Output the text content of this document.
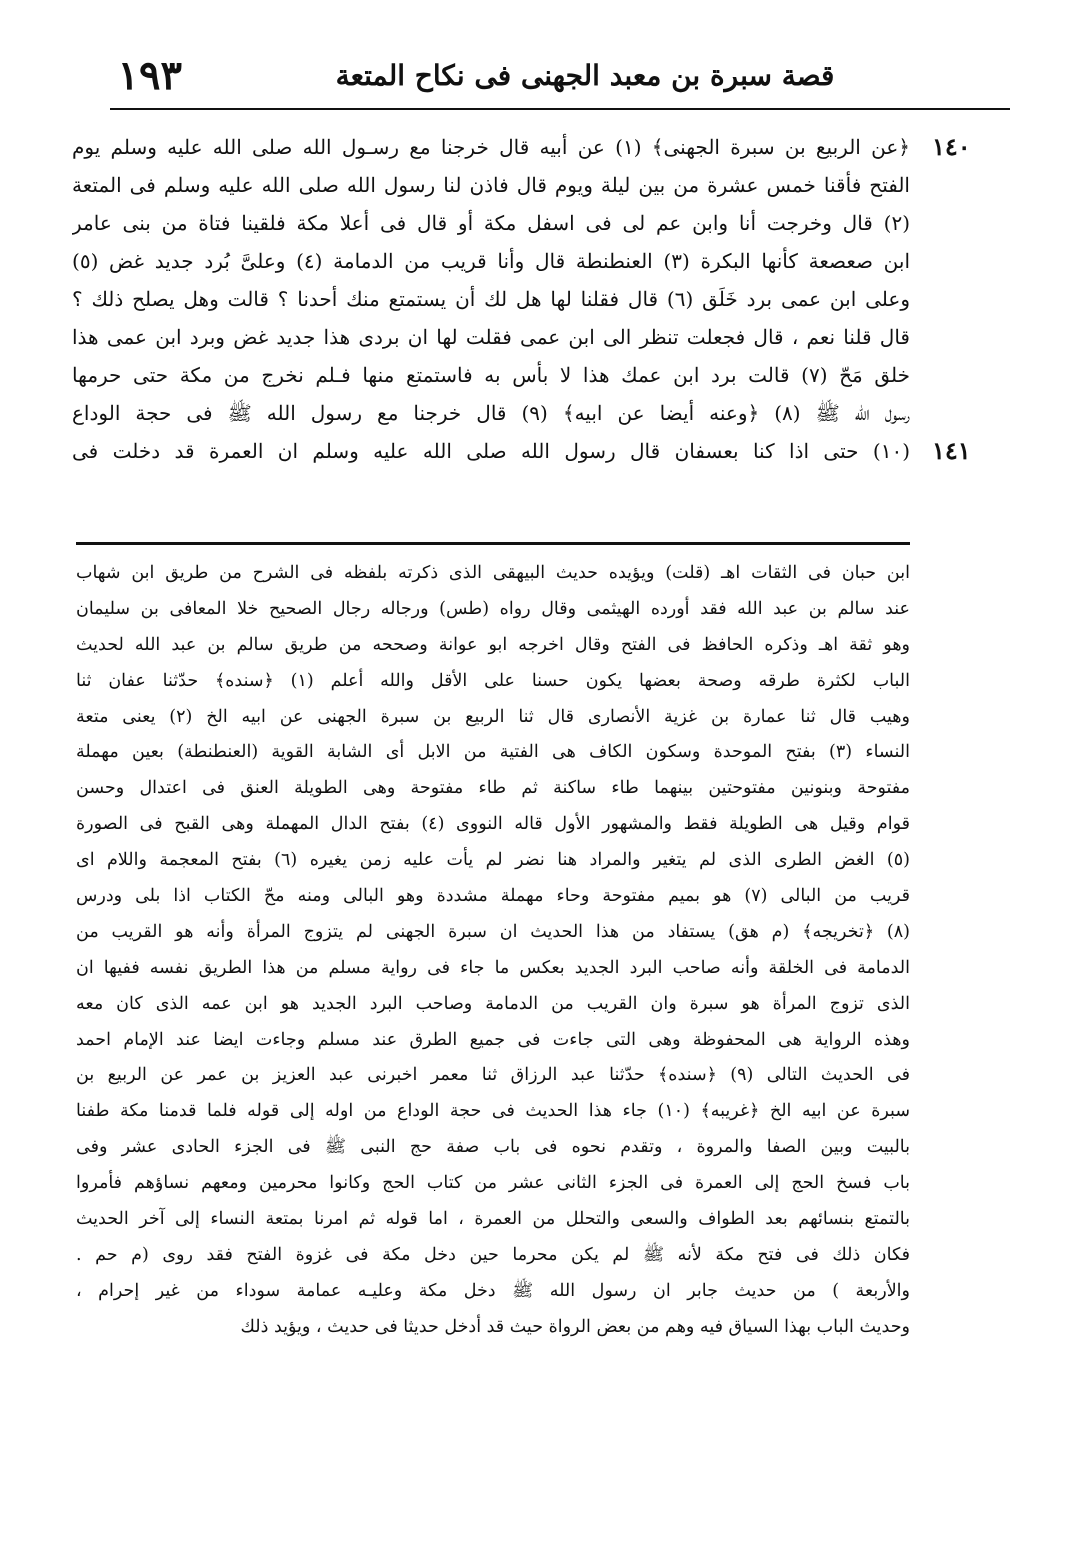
١٩٣	قصة سبرة بن معبد الجهنى فى نكاح المتعة
١٤٠
١٤١
﴿عن الربيع بن سبرة الجهنى﴾ (١) عن أبيه قال خرجنا مع رسـول الله صلى الله عليه وسلم يوم
الفتح فأقنا خمس عشرة من بين ليلة ويوم قال فاذن لنا رسول الله صلى الله عليه وسلم فى المتعة
(٢) قال وخرجت أنا وابن عم لى فى اسفل مكة أو قال فى أعلا مكة فلقينا فتاة من بنى عامر
ابن صعصعة كأنها البكرة (٣) العنطنطة قال وأنا قريب من الدمامة (٤) وعلىَّ بُرد جديد غض (٥)
وعلى ابن عمى برد خَلَق (٦) قال فقلنا لها هل لك أن يستمتع منك أحدنا ؟ قالت وهل يصلح ذلك ؟
قال قلنا نعم ، قال فجعلت تنظر الى ابن عمى فقلت لها ان بردى هذا جديد غض وبرد ابن عمى هذا
خلق مَحّ (٧) قالت برد ابن عمك هذا لا بأس به فاستمتع منها فـلم نخرج من مكة حتى حرمها
رسول الله ﷺ (٨) ﴿وعنه أيضا عن ابيه﴾ (٩) قال خرجنا مع رسول الله ﷺ فى حجة الوداع
(١٠) حتى اذا كنا بعسفان قال رسول الله صلى الله عليه وسلم ان العمرة قد دخلت فى
ابن حبان فى الثقات اهـ (قلت) ويؤيده حديث البيهقى الذى ذكرته بلفظه فى الشرح من طريق ابن شهاب
عند سالم بن عبد الله فقد أورده الهيثمى وقال رواه (طس) ورجاله رجال الصحيح خلا المعافى بن سليمان
وهو ثقة اهـ وذكره الحافظ فى الفتح وقال اخرجه ابو عوانة وصححه من طريق سالم بن عبد الله لحديث
الباب لكثرة طرقه وصحة بعضها يكون حسنا على الأقل والله أعلم (١) ﴿سنده﴾ حدّثنا عفان ثنا
وهيب قال ثنا عمارة بن غزية الأنصارى قال ثنا الربيع بن سبرة الجهنى عن ابيه الخ (٢) يعنى متعة
النساء (٣) بفتح الموحدة وسكون الكاف هى الفتية من الابل أى الشابة القوية (العنطنطة) بعين مهملة
مفتوحة وبنونين مفتوحتين بينهما طاء ساكنة ثم طاء مفتوحة وهى الطويلة العنق فى اعتدال وحسن
قوام وقيل هى الطويلة فقط والمشهور الأول قاله النووى (٤) بفتح الدال المهملة وهى القبح فى الصورة
(٥) الغض الطرى الذى لم يتغير والمراد هنا نضر لم يأت عليه زمن يغيره (٦) بفتح المعجمة واللام اى
قريب من البالى (٧) هو بميم مفتوحة وحاء مهملة مشددة وهو البالى ومنه محّ الكتاب اذا بلى ودرس
(٨) ﴿تخريجه﴾ (م هق) يستفاد من هذا الحديث ان سبرة الجهنى لم يتزوج المرأة وأنه هو القريب من
الدمامة فى الخلقة وأنه صاحب البرد الجديد بعكس ما جاء فى رواية مسلم من هذا الطريق نفسه ففيها ان
الذى تزوج المرأة هو سبرة وان القريب من الدمامة وصاحب البرد الجديد هو ابن عمه الذى كان معه
وهذه الرواية هى المحفوظة وهى التى جاءت فى جميع الطرق عند مسلم وجاءت ايضا عند الإمام احمد
فى الحديث التالى (٩) ﴿سنده﴾ حدّثنا عبد الرزاق ثنا معمر اخبرنى عبد العزيز بن عمر عن الربيع بن
سبرة عن ابيه الخ ﴿غريبه﴾ (١٠) جاء هذا الحديث فى حجة الوداع من اوله إلى قوله فلما قدمنا مكة طفنا
بالبيت وبين الصفا والمروة ، وتقدم نحوه فى باب صفة حج النبى ﷺ فى الجزء الحادى عشر وفى
باب فسخ الحج إلى العمرة فى الجزء الثانى عشر من كتاب الحج وكانوا محرمين ومعهم نساؤهم فأمروا
بالتمتع بنسائهم بعد الطواف والسعى والتحلل من العمرة ، اما قوله ثم امرنا بمتعة النساء إلى آخر الحديث
فكان ذلك فى فتح مكة لأنه ﷺ لم يكن محرما حين دخل مكة فى غزوة الفتح فقد روى (م حم .
والأربعة ) من حديث جابر ان رسول الله ﷺ دخل مكة وعليـه عمامة سوداء من غير إحرام ،
وحديث الباب بهذا السياق فيه وهم من بعض الرواة حيث قد أدخل حديثا فى حديث ، ويؤيد ذلك
